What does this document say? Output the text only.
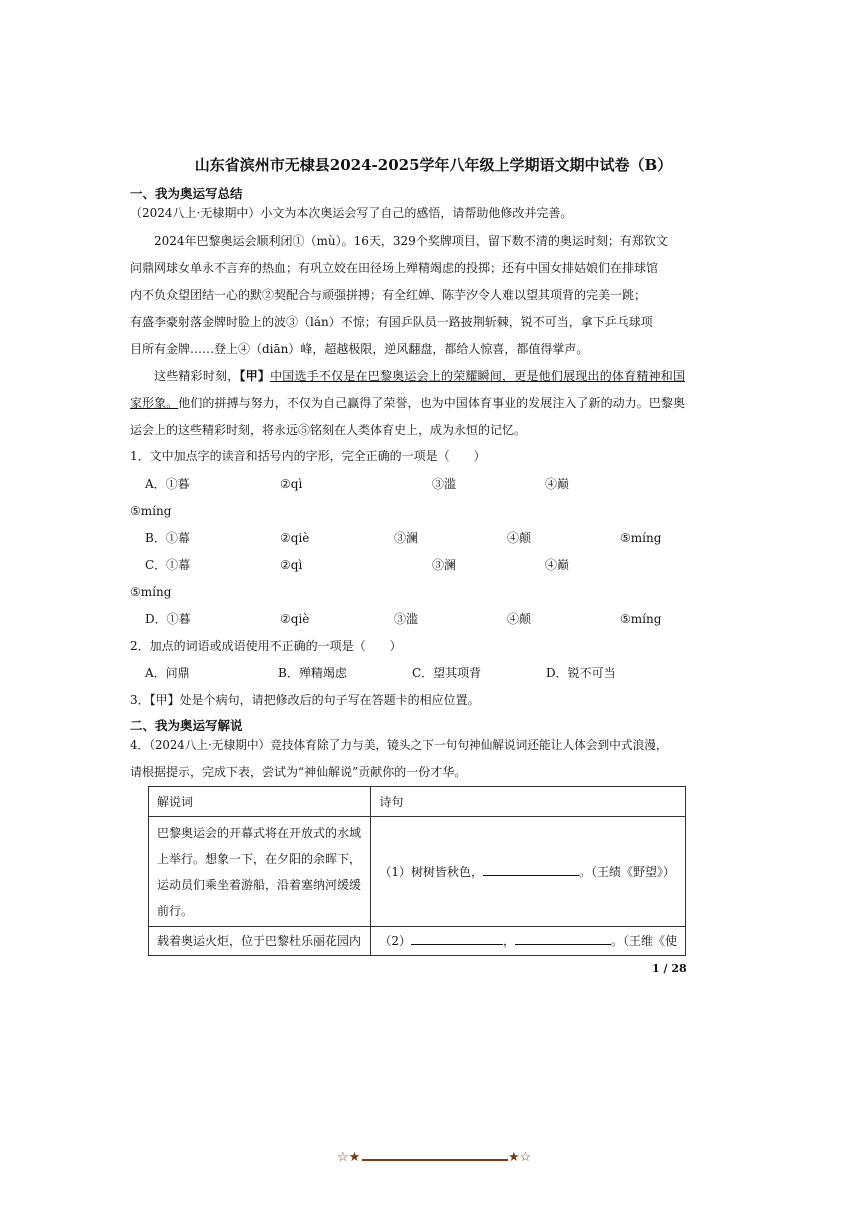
山东省滨州市无棣县2024-2025学年八年级上学期语文期中试卷（B）
一、我为奥运写总结
（2024八上·无棣期中）小文为本次奥运会写了自己的感悟，请帮助他修改并完善。
2024年巴黎奥运会顺利闭①（mù）。16天，329个奖牌项目，留下数不清的奥运时刻；有郑钦文
问鼎网球女单永不言弃的热血；有巩立姣在田径场上殚精竭虑的投掷；还有中国女排姑娘们在排球馆
内不负众望团结一心的默②契配合与顽强拼搏；有全红婵、陈芋汐令人难以望其项背的完美一跳；
有盛李豪射落金牌时脸上的波③（lán）不惊；有国乒队员一路披荆斩棘，锐不可当，拿下乒乓球项
目所有金牌……登上④（diān）峰，超越极限，逆风翻盘，都给人惊喜，都值得掌声。
这些精彩时刻，【甲】中国选手不仅是在巴黎奥运会上的荣耀瞬间，更是他们展现出的体育精神和国家形象。他们的拼搏与努力，不仅为自己赢得了荣誉，也为中国体育事业的发展注入了新的动力。巴黎奥运会上的这些精彩时刻，将永远⑤铭刻在人类体育史上，成为永恒的记忆。
1．文中加点字的读音和括号内的字形，完全正确的一项是（　　）
A．①暮	②qì	③滥	④巅
⑤míng
B．①幕	②qiè	③澜	④颠	⑤míng
C．①幕	②qì	③澜	④巅
⑤míng
D．①暮	②qiè	③滥	④颠	⑤míng
2．加点的词语或成语使用不正确的一项是（　　）
A．问鼎	B．殚精竭虑	C．望其项背	D．锐不可当
3．【甲】处是个病句，请把修改后的句子写在答题卡的相应位置。
二、我为奥运写解说
4．（2024八上·无棣期中）竞技体育除了力与美，镜头之下一句句神仙解说词还能让人体会到中式浪漫，
请根据提示，完成下表，尝试为“神仙解说”贡献你的一份才华。
解说词	诗句

巴黎奥运会的开幕式将在开放式的水域
上举行。想象一下，在夕阳的余晖下，
运动员们乘坐着游船，沿着塞纳河缓缓
前行。	（1）树树皆秋色， 。（王绩《野望》）
载着奥运火炬，位于巴黎杜乐丽花园内	（2） ， 。（王维《使
1 / 28
☆★	★☆
